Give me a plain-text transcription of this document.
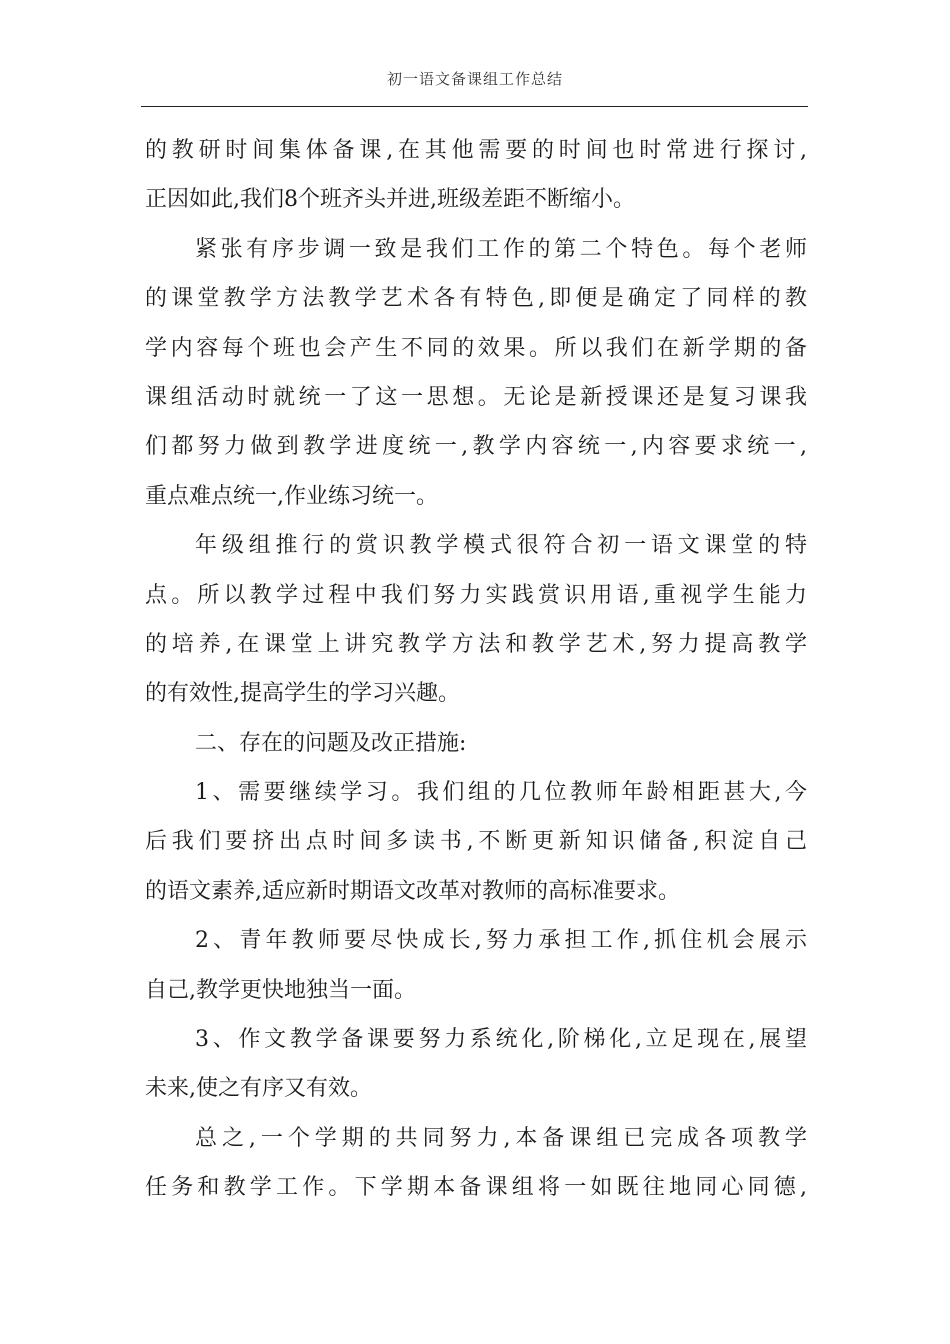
初一语文备课组工作总结
的教研时间集体备课,在其他需要的时间也时常进行探讨,
正因如此,我们8个班齐头并进,班级差距不断缩小。
紧张有序步调一致是我们工作的第二个特色。每个老师
的课堂教学方法教学艺术各有特色,即便是确定了同样的教
学内容每个班也会产生不同的效果。所以我们在新学期的备
课组活动时就统一了这一思想。无论是新授课还是复习课我
们都努力做到教学进度统一,教学内容统一,内容要求统一,
重点难点统一,作业练习统一。
年级组推行的赏识教学模式很符合初一语文课堂的特
点。所以教学过程中我们努力实践赏识用语,重视学生能力
的培养,在课堂上讲究教学方法和教学艺术,努力提高教学
的有效性,提高学生的学习兴趣。
二、存在的问题及改正措施:
1、需要继续学习。我们组的几位教师年龄相距甚大,今
后我们要挤出点时间多读书,不断更新知识储备,积淀自己
的语文素养,适应新时期语文改革对教师的高标准要求。
2、青年教师要尽快成长,努力承担工作,抓住机会展示
自己,教学更快地独当一面。
3、作文教学备课要努力系统化,阶梯化,立足现在,展望
未来,使之有序又有效。
总之,一个学期的共同努力,本备课组已完成各项教学
任务和教学工作。下学期本备课组将一如既往地同心同德,
